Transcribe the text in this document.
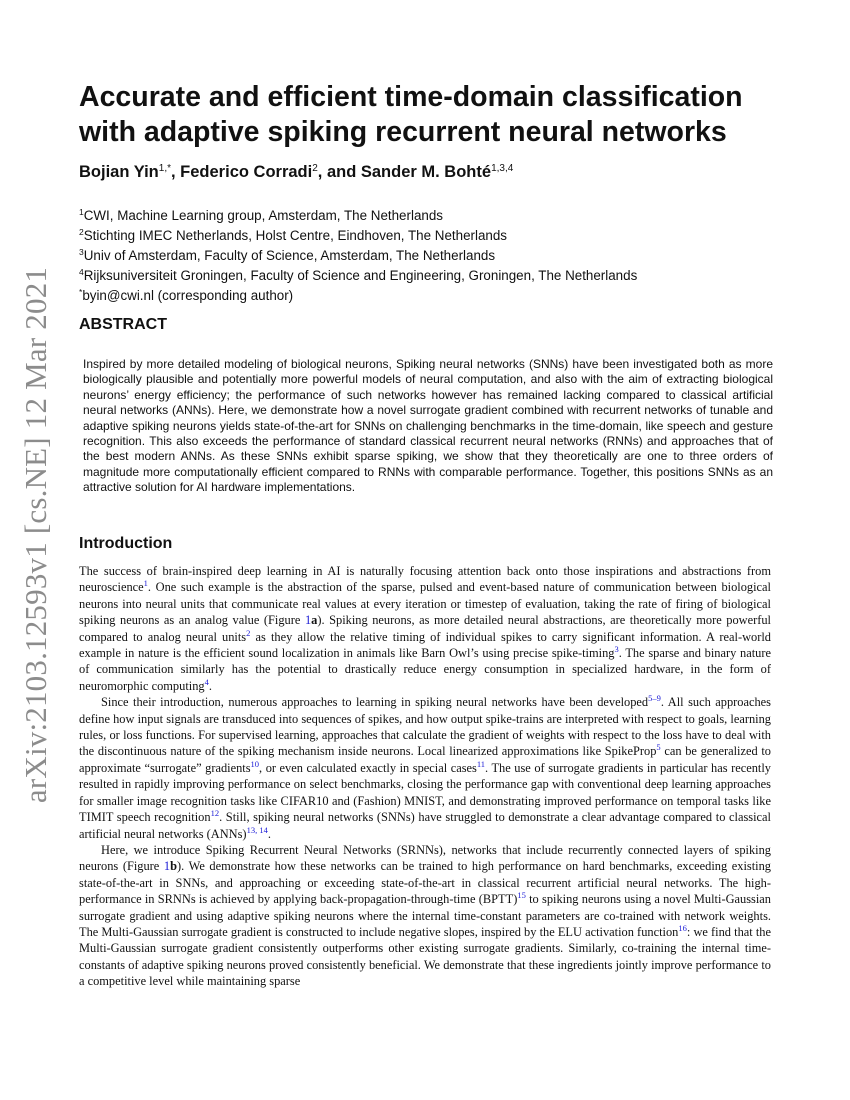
arXiv:2103.12593v1 [cs.NE] 12 Mar 2021
Accurate and efficient time-domain classification
with adaptive spiking recurrent neural networks
Bojian Yin$^{1,*}$, Federico Corradi$^2$, and Sander M. Bohté$^{1,3,4}$
$^1$CWI, Machine Learning group, Amsterdam, The Netherlands
$^2$Stichting IMEC Netherlands, Holst Centre, Eindhoven, The Netherlands
$^3$Univ of Amsterdam, Faculty of Science, Amsterdam, The Netherlands
$^4$Rijksuniversiteit Groningen, Faculty of Science and Engineering, Groningen, The Netherlands
*byin@cwi.nl (corresponding author)
ABSTRACT

Inspired by more detailed modeling of biological neurons, Spiking neural networks (SNNs) have been investigated both as more biologically plausible and potentially more powerful models of neural computation, and also with the aim of extracting biological neurons’ energy efficiency; the performance of such networks however has remained lacking compared to classical artificial neural networks (ANNs). Here, we demonstrate how a novel surrogate gradient combined with recurrent networks of tunable and adaptive spiking neurons yields state-of-the-art for SNNs on challenging benchmarks in the time-domain, like speech and gesture recognition. This also exceeds the performance of standard classical recurrent neural networks (RNNs) and approaches that of the best modern ANNs. As these SNNs exhibit sparse spiking, we show that they theoretically are one to three orders of magnitude more computationally efficient compared to RNNs with comparable performance. Together, this positions SNNs as an attractive solution for AI hardware implementations.

Introduction

The success of brain-inspired deep learning in AI is naturally focusing attention back onto those inspirations and abstractions from neuroscience$^1$. One such example is the abstraction of the sparse, pulsed and event-based nature of communication between biological neurons into neural units that communicate real values at every iteration or timestep of evaluation, taking the rate of firing of biological spiking neurons as an analog value (Figure 1a). Spiking neurons, as more detailed neural abstractions, are theoretically more powerful compared to analog neural units$^2$ as they allow the relative timing of individual spikes to carry significant information. A real-world example in nature is the efficient sound localization in animals like Barn Owl’s using precise spike-timing$^3$. The sparse and binary nature of communication similarly has the potential to drastically reduce energy consumption in specialized hardware, in the form of neuromorphic computing$^4$.

Since their introduction, numerous approaches to learning in spiking neural networks have been developed$^{5-9}$. All such approaches define how input signals are transduced into sequences of spikes, and how output spike-trains are interpreted with respect to goals, learning rules, or loss functions. For supervised learning, approaches that calculate the gradient of weights with respect to the loss have to deal with the discontinuous nature of the spiking mechanism inside neurons. Local linearized approximations like SpikeProp$^5$ can be generalized to approximate “surrogate” gradients$^{10}$, or even calculated exactly in special cases$^{11}$. The use of surrogate gradients in particular has recently resulted in rapidly improving performance on select benchmarks, closing the performance gap with conventional deep learning approaches for smaller image recognition tasks like CIFAR10 and (Fashion) MNIST, and demonstrating improved performance on temporal tasks like TIMIT speech recognition$^{12}$. Still, spiking neural networks (SNNs) have struggled to demonstrate a clear advantage compared to classical artificial neural networks (ANNs)$^{13, 14}$.

Here, we introduce Spiking Recurrent Neural Networks (SRNNs), networks that include recurrently connected layers of spiking neurons (Figure 1b). We demonstrate how these networks can be trained to high performance on hard benchmarks, exceeding existing state-of-the-art in SNNs, and approaching or exceeding state-of-the-art in classical recurrent artificial neural networks. The high-performance in SRNNs is achieved by applying back-propagation-through-time (BPTT)$^{15}$ to spiking neurons using a novel Multi-Gaussian surrogate gradient and using adaptive spiking neurons where the internal time-constant parameters are co-trained with network weights. The Multi-Gaussian surrogate gradient is constructed to include negative slopes, inspired by the ELU activation function$^{16}$: we find that the Multi-Gaussian surrogate gradient consistently outperforms other existing surrogate gradients. Similarly, co-training the internal time-constants of adaptive spiking neurons proved consistently beneficial. We demonstrate that these ingredients jointly improve performance to a competitive level while maintaining sparse
